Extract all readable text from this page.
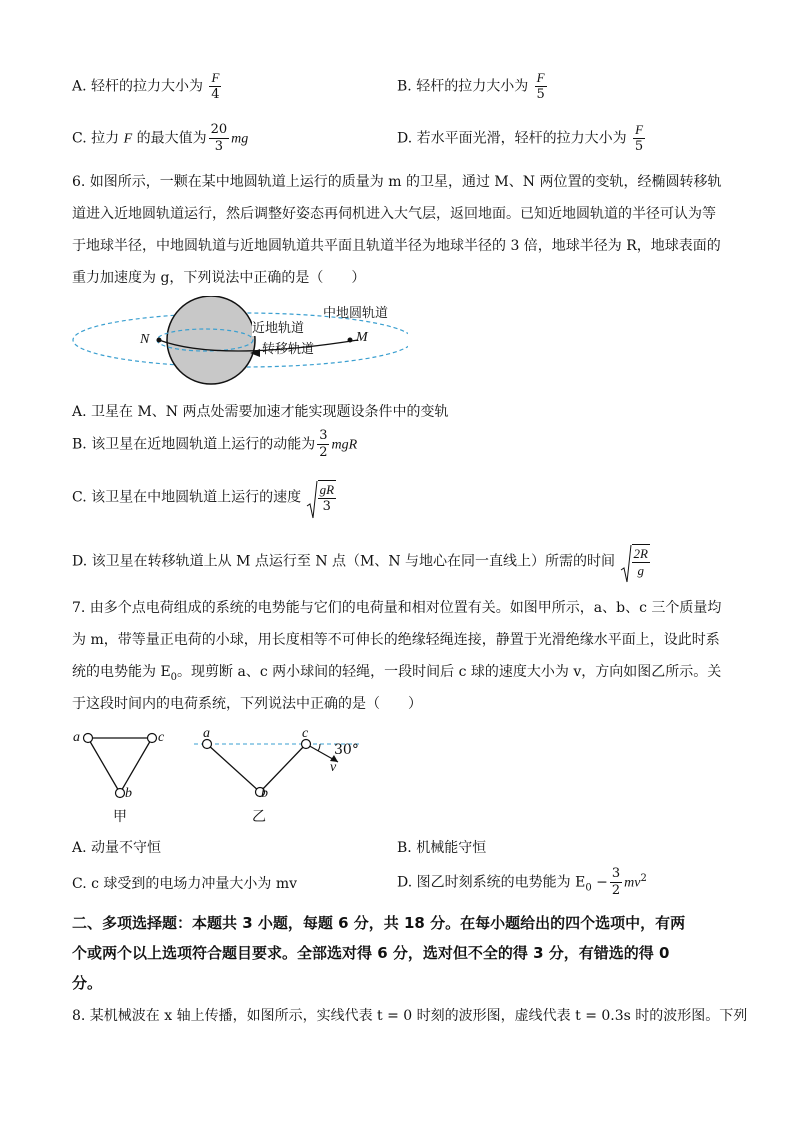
A. 轻杆的拉力大小为 $\frac{F}{4}$	B. 轻杆的拉力大小为 $\frac{F}{5}$
C. 拉力 F 的最大值为 $\frac{20}{3}$ mg	D. 若水平面光滑，轻杆的拉力大小为 $\frac{F}{5}$
6. 如图所示，一颗在某中地圆轨道上运行的质量为 m 的卫星，通过 M、N 两位置的变轨，经椭圆转移轨
道进入近地圆轨道运行，然后调整好姿态再伺机进入大气层，返回地面。已知近地圆轨道的半径可认为等
于地球半径，中地圆轨道与近地圆轨道共平面且轨道半径为地球半径的 3 倍，地球半径为 R，地球表面的
重力加速度为 g，下列说法中正确的是（　　）
中地圆轨道
近地轨道
转移轨道
N	M
A. 卫星在 M、N 两点处需要加速才能实现题设条件中的变轨
B. 该卫星在近地圆轨道上运行的动能为 $\frac{3}{2}$ mgR
C. 该卫星在中地圆轨道上运行的速度 $\frac{gR}{3}$
D. 该卫星在转移轨道上从 M 点运行至 N 点（M、N 与地心在同一直线上）所需的时间 $\frac{2R}{g}$
7. 由多个点电荷组成的系统的电势能与它们的电荷量和相对位置有关。如图甲所示，a、b、c 三个质量均
为 m，带等量正电荷的小球，用长度相等不可伸长的绝缘轻绳连接，静置于光滑绝缘水平面上，设此时系
统的电势能为 $E_0$。现剪断 a、c 两小球间的轻绳，一段时间后 c 球的速度大小为 v，方向如图乙所示。关
于这段时间内的电荷系统，下列说法中正确的是（　　）
a	c
b
a	c
b
30°
v
甲	乙
A. 动量不守恒	B. 机械能守恒
C. c 球受到的电场力冲量大小为 mv	D. 图乙时刻系统的电势能为 $E_0 - \frac{3}{2} mv^2$
二、多项选择题：本题共 3 小题，每题 6 分，共 18 分。在每小题给出的四个选项中，有两
个或两个以上选项符合题目要求。全部选对得 6 分，选对但不全的得 3 分，有错选的得 0
分。
8. 某机械波在 x 轴上传播，如图所示，实线代表 t = 0 时刻的波形图，虚线代表 t = 0.3s 时的波形图。下列
